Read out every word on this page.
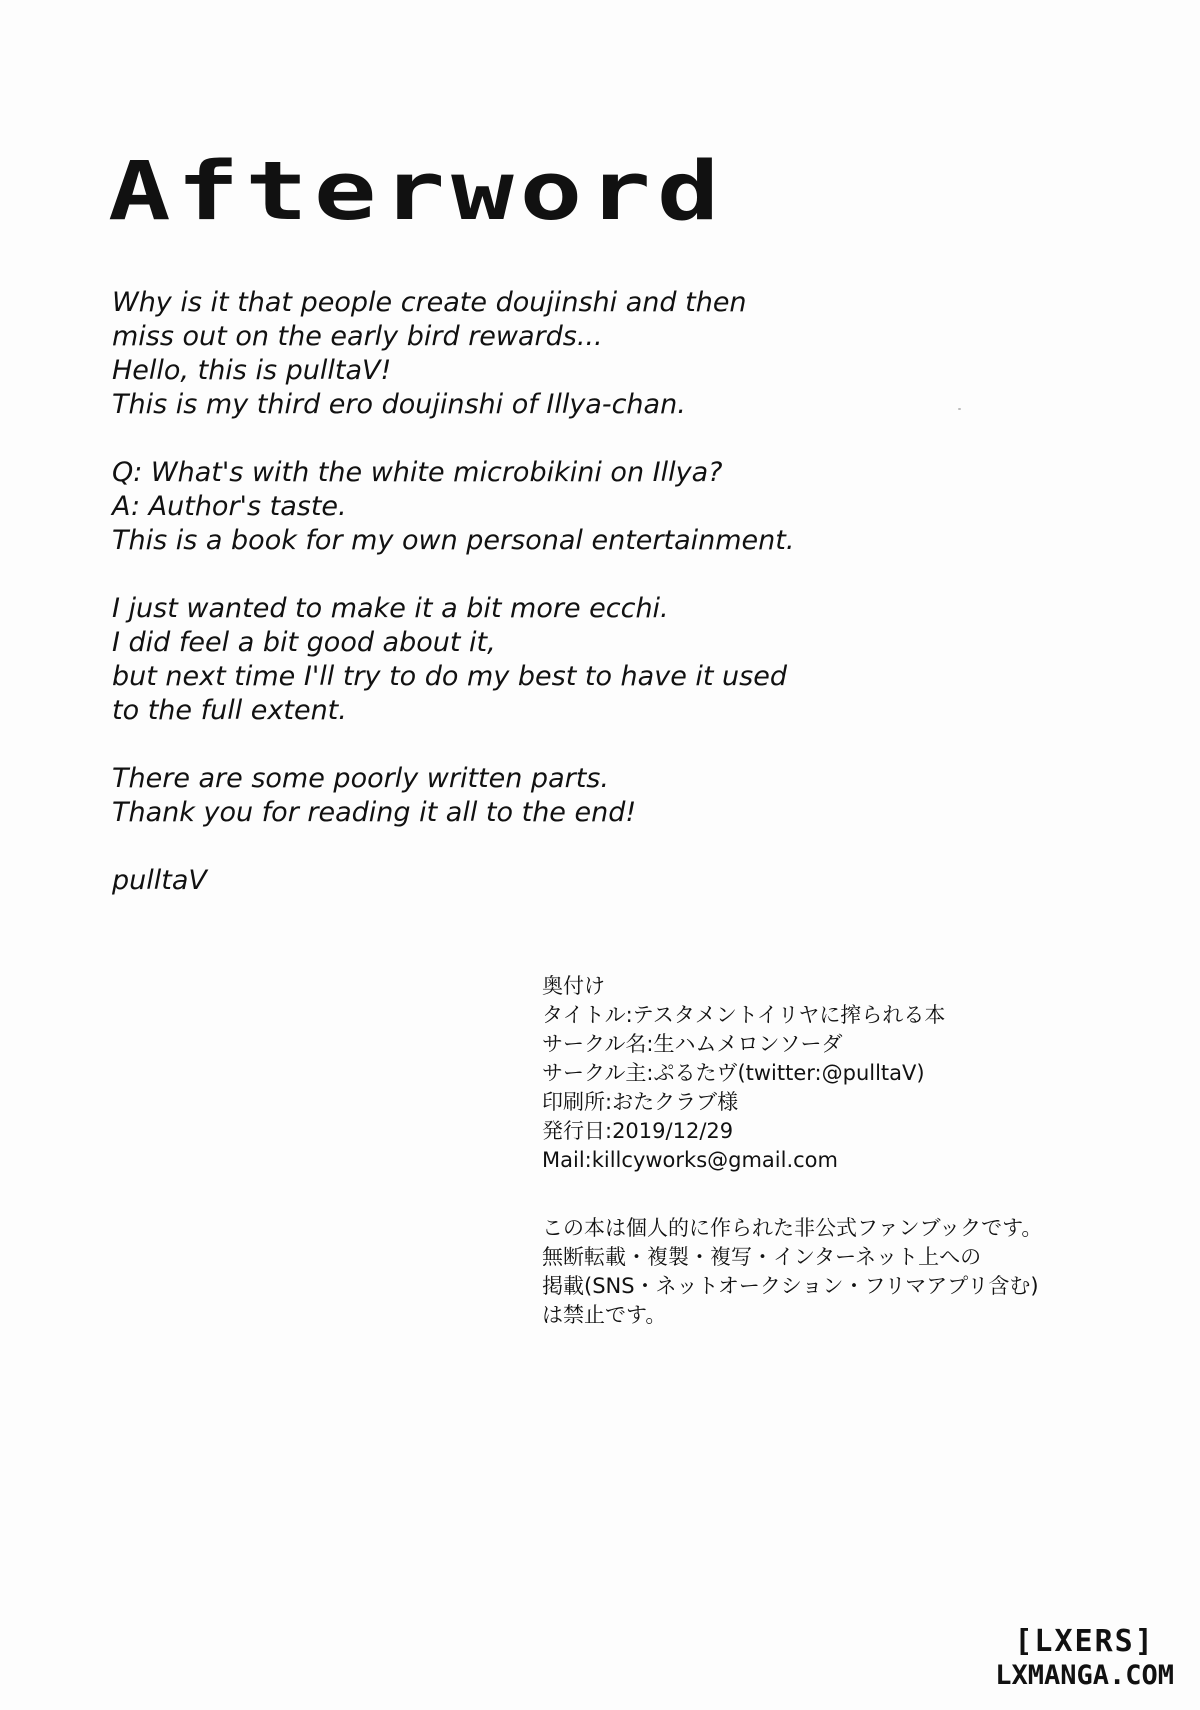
Afterword

Why is it that people create doujinshi and then
miss out on the early bird rewards...
Hello, this is pulltaV!
This is my third ero doujinshi of Illya-chan.

Q: What's with the white microbikini on Illya?
A: Author's taste.
This is a book for my own personal entertainment.

I just wanted to make it a bit more ecchi.
I did feel a bit good about it,
but next time I'll try to do my best to have it used
to the full extent.

There are some poorly written parts.
Thank you for reading it all to the end!

pulltaV

奥付け
タイトル:テスタメントイリヤに搾られる本
サークル名:生ハムメロンソーダ
サークル主:ぷるたヴ(twitter:@pulltaV)
印刷所:おたクラブ様
発行日:2019/12/29
Mail:killcyworks@gmail.com
この本は個人的に作られた非公式ファンブックです。
無断転載・複製・複写・インターネット上への
掲載(SNS・ネットオークション・フリマアプリ含む)
は禁止です。
[LXERS]
LXMANGA.COM
